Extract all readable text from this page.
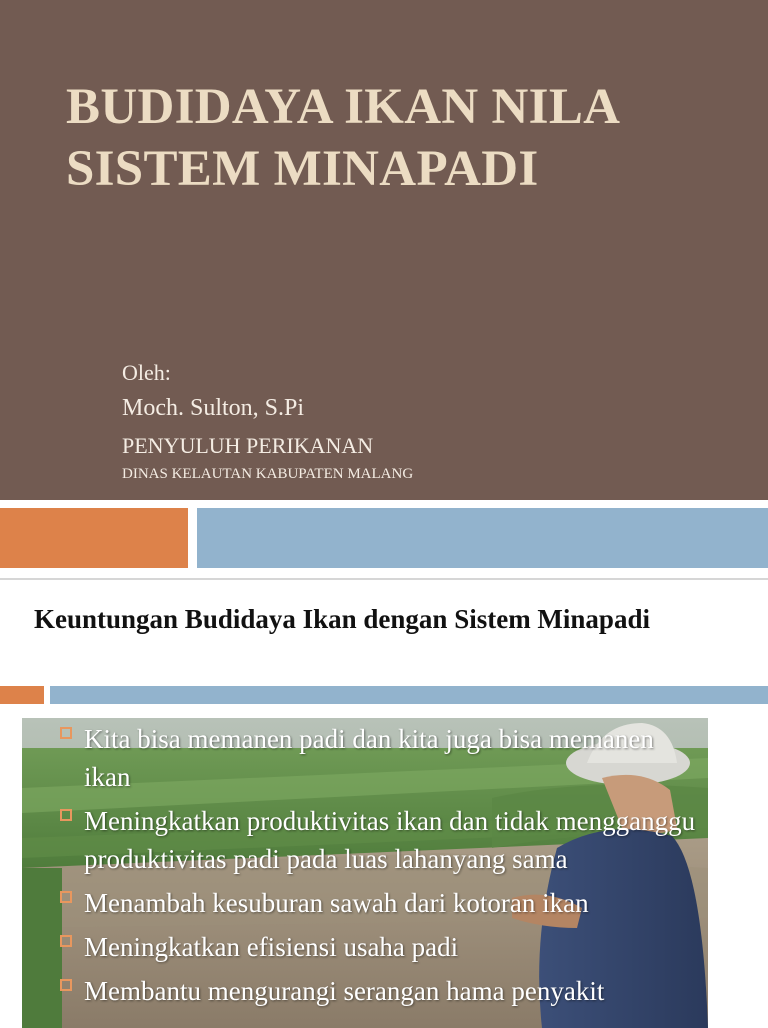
BUDIDAYA IKAN NILA
SISTEM MINAPADI
Oleh:
Moch. Sulton, S.Pi
PENYULUH PERIKANAN
DINAS KELAUTAN KABUPATEN MALANG
Keuntungan Budidaya Ikan dengan Sistem Minapadi
Kita bisa memanen padi dan kita juga bisa memanen ikan
Meningkatkan produktivitas ikan dan tidak mengganggu produktivitas padi pada luas lahanyang sama
Menambah kesuburan sawah dari kotoran ikan
Meningkatkan efisiensi usaha padi
Membantu mengurangi serangan hama penyakit
